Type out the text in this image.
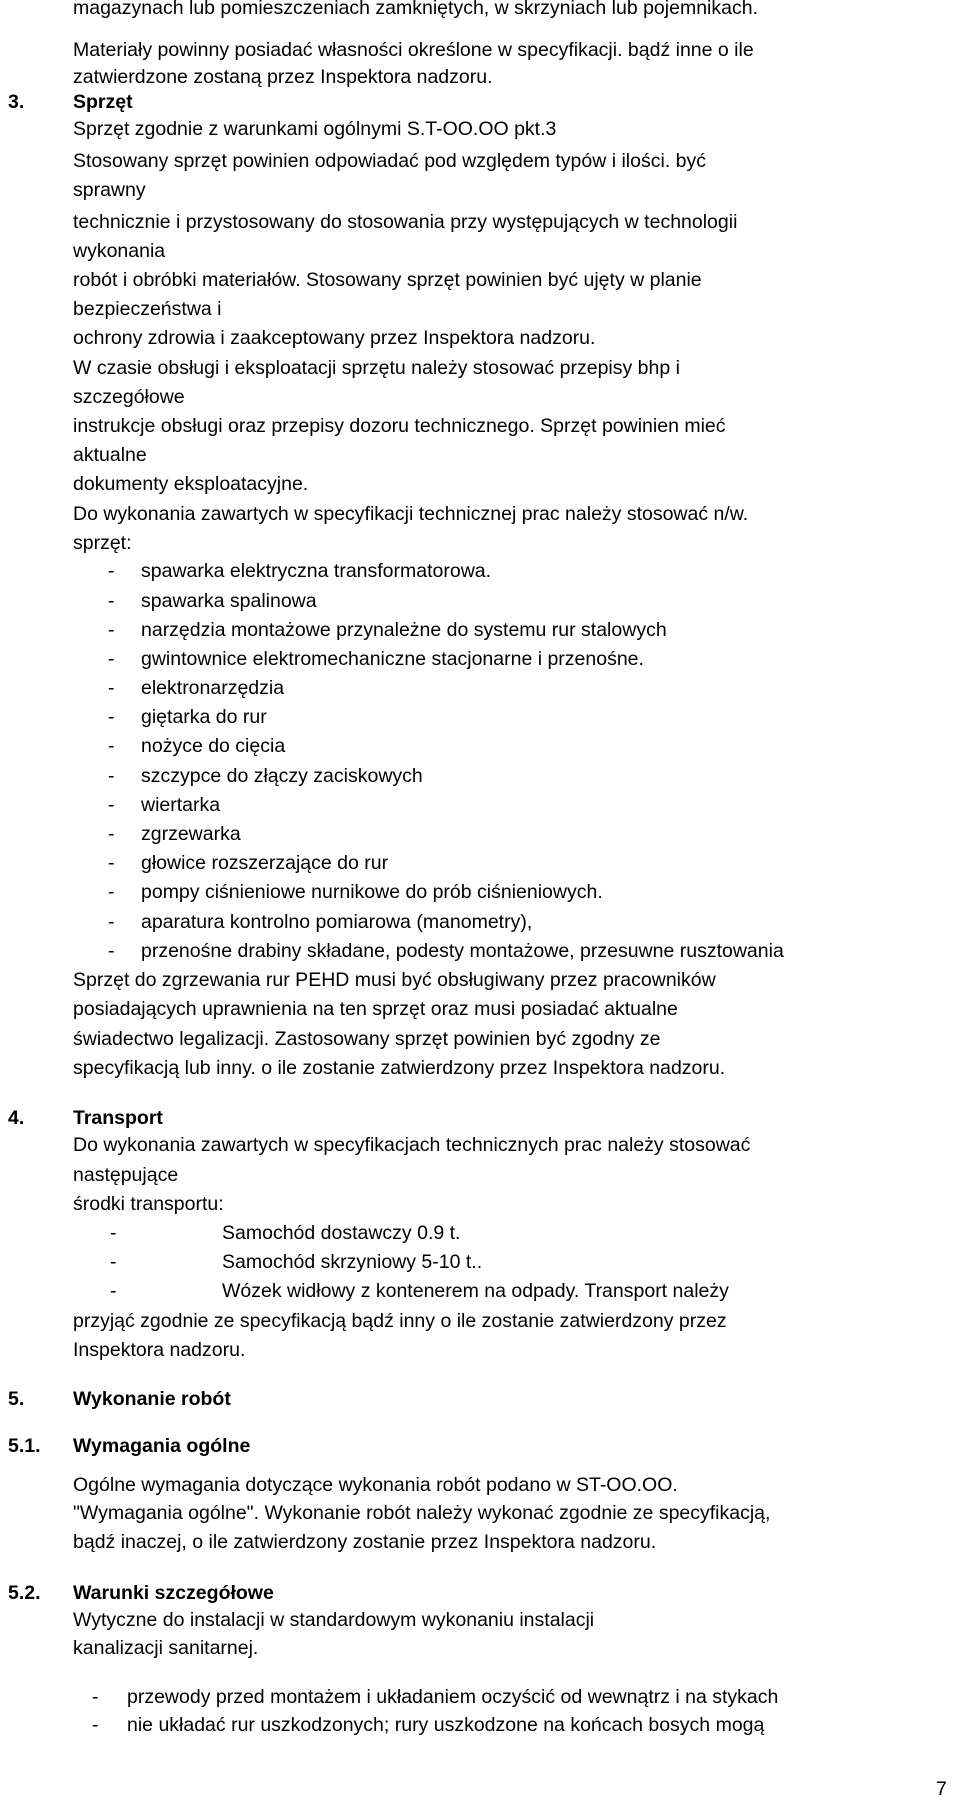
magazynach lub pomieszczeniach zamkniętych, w skrzyniach lub pojemnikach.
Materiały powinny posiadać własności określone w specyfikacji. bądź inne o ile
zatwierdzone zostaną przez Inspektora nadzoru.
3. Sprzęt
Sprzęt zgodnie z warunkami ogólnymi S.T-OO.OO pkt.3
Stosowany sprzęt powinien odpowiadać pod względem typów i ilości. być
sprawny
technicznie i przystosowany do stosowania przy występujących w technologii
wykonania
robót i obróbki materiałów. Stosowany sprzęt powinien być ujęty w planie
bezpieczeństwa i
ochrony zdrowia i zaakceptowany przez Inspektora nadzoru.
W czasie obsługi i eksploatacji sprzętu należy stosować przepisy bhp i
szczegółowe
instrukcje obsługi oraz przepisy dozoru technicznego. Sprzęt powinien mieć
aktualne
dokumenty eksploatacyjne.
Do wykonania zawartych w specyfikacji technicznej prac należy stosować n/w.
sprzęt:
- spawarka elektryczna transformatorowa.
- spawarka spalinowa
- narzędzia montażowe przynależne do systemu rur stalowych
- gwintownice elektromechaniczne stacjonarne i przenośne.
- elektronarzędzia
- giętarka do rur
- nożyce do cięcia
- szczypce do złączy zaciskowych
- wiertarka
- zgrzewarka
- głowice rozszerzające do rur
- pompy ciśnieniowe nurnikowe do prób ciśnieniowych.
- aparatura kontrolno pomiarowa (manometry),
- przenośne drabiny składane, podesty montażowe, przesuwne rusztowania
Sprzęt do zgrzewania rur PEHD musi być obsługiwany przez pracowników
posiadających uprawnienia na ten sprzęt oraz musi posiadać aktualne
świadectwo legalizacji. Zastosowany sprzęt powinien być zgodny ze
specyfikacją lub inny. o ile zostanie zatwierdzony przez Inspektora nadzoru.
4. Transport
Do wykonania zawartych w specyfikacjach technicznych prac należy stosować
następujące
środki transportu:
-	Samochód dostawczy 0.9 t.
-	Samochód skrzyniowy 5-10 t..
-	Wózek widłowy z kontenerem na odpady. Transport należy
przyjąć zgodnie ze specyfikacją bądź inny o ile zostanie zatwierdzony przez
Inspektora nadzoru.
5. Wykonanie robót
5.1. Wymagania ogólne
Ogólne wymagania dotyczące wykonania robót podano w ST-OO.OO.
"Wymagania ogólne". Wykonanie robót należy wykonać zgodnie ze specyfikacją,
bądź inaczej, o ile zatwierdzony zostanie przez Inspektora nadzoru.
5.2. Warunki szczegółowe
Wytyczne do instalacji w standardowym wykonaniu instalacji
kanalizacji sanitarnej.
- przewody przed montażem i układaniem oczyścić od wewnątrz i na stykach
- nie układać rur uszkodzonych; rury uszkodzone na końcach bosych mogą
7
